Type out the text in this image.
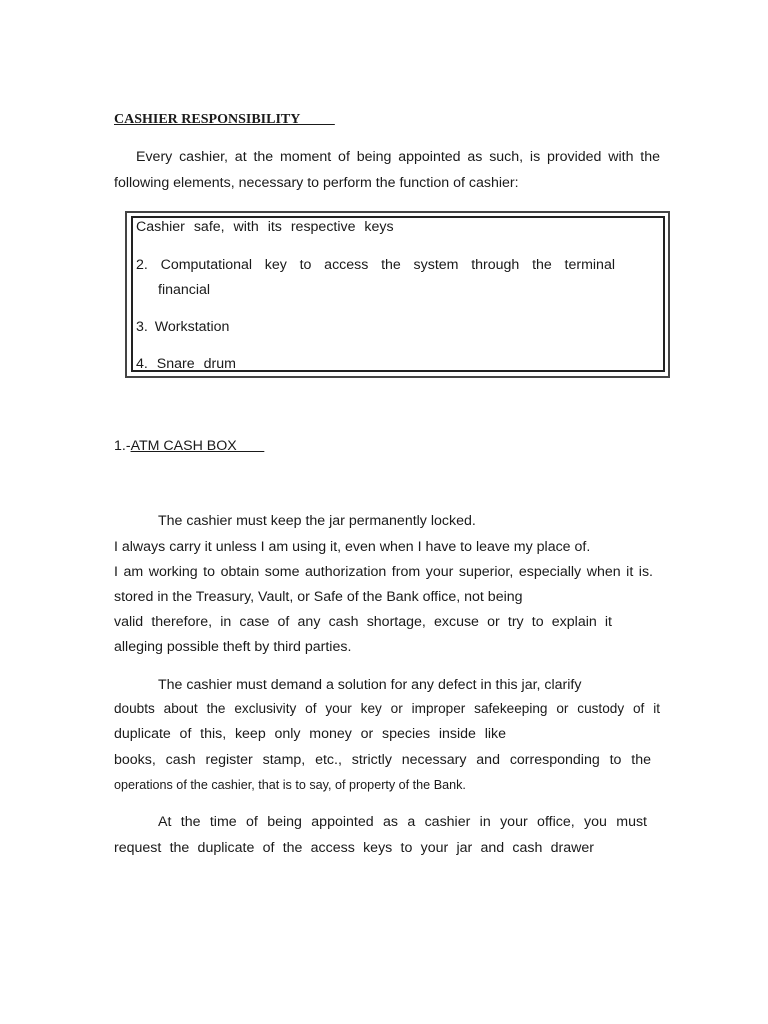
CASHIER RESPONSIBILITY
Every cashier, at the moment of being appointed as such, is provided with the
following elements, necessary to perform the function of cashier:
Cashier safe, with its respective keys
2. Computational key to access the system through the terminal
financial
3. Workstation
4. Snare drum
1.-ATM CASH BOX
The cashier must keep the jar permanently locked.
I always carry it unless I am using it, even when I have to leave my place of.
I am working to obtain some authorization from your superior, especially when it is.
stored in the Treasury, Vault, or Safe of the Bank office, not being
valid therefore, in case of any cash shortage, excuse or try to explain it
alleging possible theft by third parties.
The cashier must demand a solution for any defect in this jar, clarify
doubts about the exclusivity of your key or improper safekeeping or custody of it
duplicate of this, keep only money or species inside like
books, cash register stamp, etc., strictly necessary and corresponding to the
operations of the cashier, that is to say, of property of the Bank.
At the time of being appointed as a cashier in your office, you must
request the duplicate of the access keys to your jar and cash drawer
